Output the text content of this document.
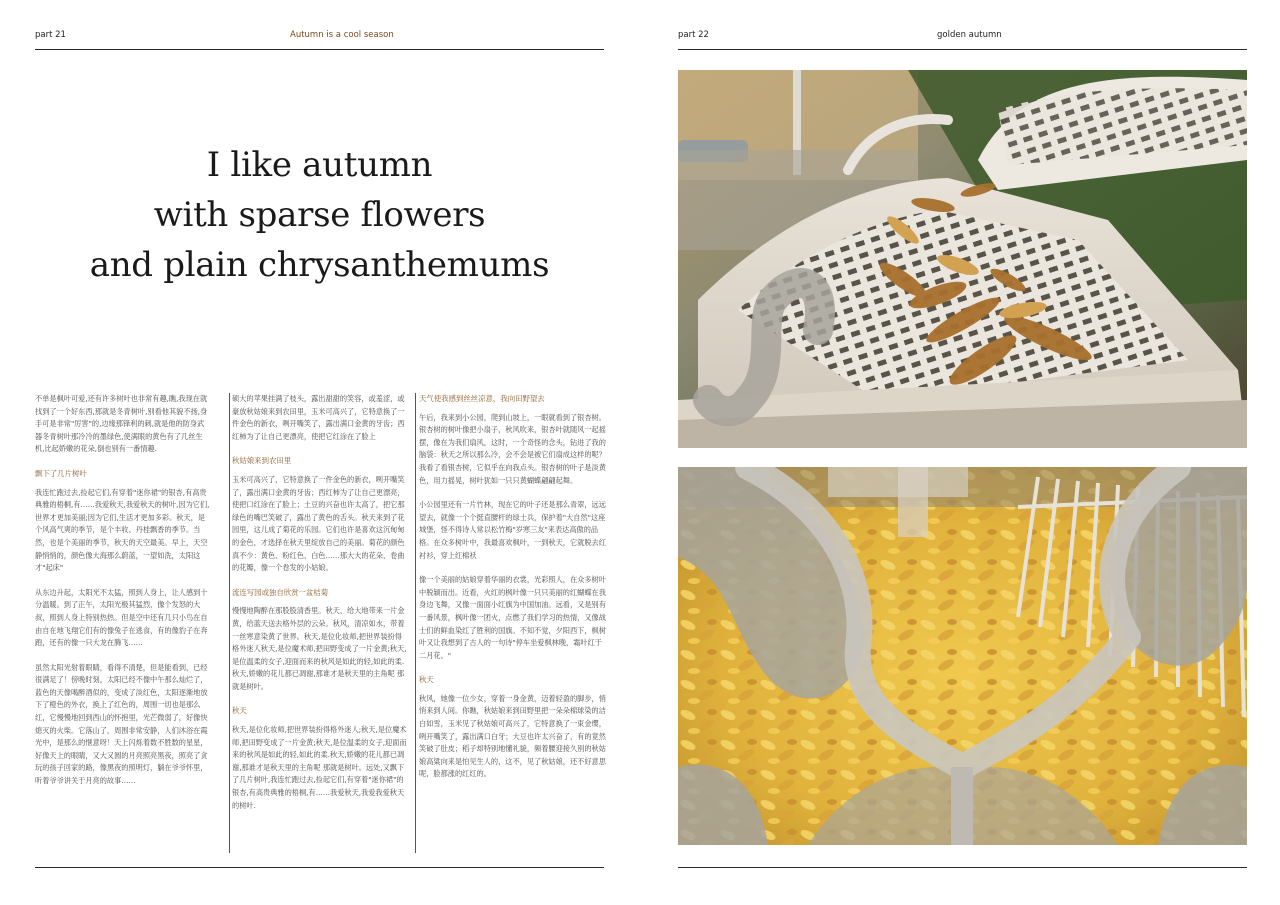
part 21	Autumn is a cool season
I like autumn
with sparse flowers
and plain chrysanthemums

不单是枫叶可爱,还有许多树叶也非常有趣,瞧,我现在就找到了一个好东西,那就是冬青树叶,别看他其貌不扬,身手可是非常"厉害"的,边缘那锋利的刺,就是他的防身武器冬青树叶那冷冷的墨绿色,使满眼的黄色有了几丝生机,比起娇嫩的花朵,倒也别有一番情趣.

飘下了几片树叶

我连忙跑过去,捡起它们,有穿着"迷你裙"的银杏,有高贵典雅的梧桐,有……我爱秋天,我爱秋天的树叶,因为它们,世界才更加美丽;因为它们,生活才更加多彩。秋天，是个风高气爽的季节，是个丰收、丹桂飘香的季节。当然，也是个美丽的季节，秋天的天空最美。早上，天空静悄悄的，颜色像大海那么蔚蓝，一望如洗，太阳这才"起床"

从东边升起，太阳光不太猛，照到人身上，让人感到十分温暖。到了正午，太阳光极其猛烈，像个发怒的大叔，照到人身上特别热热。但是空中还有几只小鸟在自由自在地飞翔它们有的像兔子在逃食，有的像豹子在奔跑，还有的像一只大龙在腾飞……

虽然太阳光射着眼睛，看得不清楚，但是能看到，已经很满足了！傍晚时刻，太阳已经不像中午那么灿烂了，蓝色的天像喝醉酒似的，变成了淡红色，太阳逐渐地放下了橙色的外衣，换上了红色的，周围一切也是那么红，它慢慢地回到西山的怀抱里，光芒微弱了，好像快熄灭的火柴。它落山了，周围非常安静，人们沐浴在霞光中，是那么的惬意呀！天上闪烁着数不胜数的星星，好像天上的眼睛，又大又圆的月亮照亮黑夜，照亮了贪玩的孩子回家的路，像黑夜的照明灯，躺在爷爷怀里，听着爷爷讲关于月亮的故事……

硕大的苹果挂满了枝头，露出甜甜的笑容，或羞涩，或豪放秋姑娘来到农田里，玉米可高兴了，它特意换了一件金色的新衣，咧开嘴笑了，露出满口金黄的牙齿；西红柿为了让自己更漂亮，使把它红涂在了脸上

秋姑娘来到农田里

玉米可高兴了，它特意换了一件金色的新衣，咧开嘴笑了，露出满口金黄的牙齿；西红柿为了让自己更漂亮，使把口红涂在了脸上；土豆的兴奋也许太高了，把它那绿色的嘴巴笑破了，露出了黄色的舌头。秋天来到了花园里，这儿成了菊花的乐园。它们也许是喜欢这沉甸甸的金色，才选择在秋天里绽放自己的美丽。菊花的颜色真不少：黄色、粉红色、白色……那大大的花朵、卷曲的花瓣，像一个卷发的小姑娘。

流连写园或独自欣赏一盆桔菊

慢慢地陶醉在那股股清香里。秋天，给大地带来一片金黄，给蓝天送去格外层的云朵。秋风，清凉如水，带着一丝寒意染黄了世界。秋天,是位化妆师,把世界装扮得格外迷人秋天,是位魔术师,把田野变成了一片金黄;秋天,是位温柔的女子,迎面而来的秋风是如此的轻,如此的柔.秋天,娇嫩的花儿都已凋谢,那谁才是秋天里的主角呢 那就是树叶。

秋天

秋天,是位化妆师,把世界装扮得格外迷人;秋天,是位魔术师,把田野变成了一片金黄;秋天,是位温柔的女子,迎面而来的秋风是如此的轻,如此的柔.秋天,娇嫩的花儿都已凋谢,那谁才是秋天里的主角呢 那就是树叶。远处,又飘下了几片树叶,我连忙跑过去,捡起它们,有穿着"迷你裙"的银杏,有高贵典雅的梧桐,有……我爱秋天,我爱我爱秋天的树叶.

天气使我感到丝丝凉意，我向田野望去

午后，我来到小公园，爬到山坡上，一眼就看到了银杏树。银杏树的树叶像把小扇子，秋风吹来，银杏叶就随风一起摇摆，像在为我们扇风，这时，一个奇怪的念头，钻进了我的脑袋：秋天之所以那么冷，会不会是被它们扇成这样的呢？我看了看银杏树，它似乎在向我点头。银杏树的叶子是淡黄色，用力摇晃，树叶犹如一只只黄蝴蝶翩翩起舞。

小公园里还有一片竹林，现在它的叶子还是那么青翠，远远望去，就像一个个挺直腰杆的绿士兵，保护着"大自然"这座城堡，怪不得诗人常以松竹梅"岁寒三友"来表达高傲的品格。在众多树叶中，我最喜欢枫叶，一到秋天，它就脱去红衬衫，穿上红棉袄

像一个美丽的姑娘穿着华丽的衣裳，光彩照人，在众多树叶中脱颖而出。近看，火红的枫叶像一只只美丽的红蝴蝶在我身边飞舞，又像一面面小红旗为中国加油。远看，又是别有一番风景，枫叶像一团火，点燃了我们学习的热情，又像战士们的鲜血染红了胜利的国旗。不知不觉，夕阳西下，枫树叶又让我想到了古人的一句诗"停车坐爱枫林晚，霜叶红于二月花。"

秋天

秋风，她像一位少女，穿着一身金黄，迈着轻盈的脚步，悄悄来到人间。你瞧，秋姑娘来到田野里把一朵朵棉球染的洁白如雪，玉米见了秋姑娘可高兴了，它特意换了一束金缨，咧开嘴笑了，露出满口白牙；大豆也许太兴奋了，有的竟然笑破了肚皮；稻子却特别地懂礼貌，频着腰迎接久别的秋姑娘高粱向来是怕见生人的，这不，见了秋姑娘，还不好意思呢，脸都涨的红红的。

part 22	golden autumn
